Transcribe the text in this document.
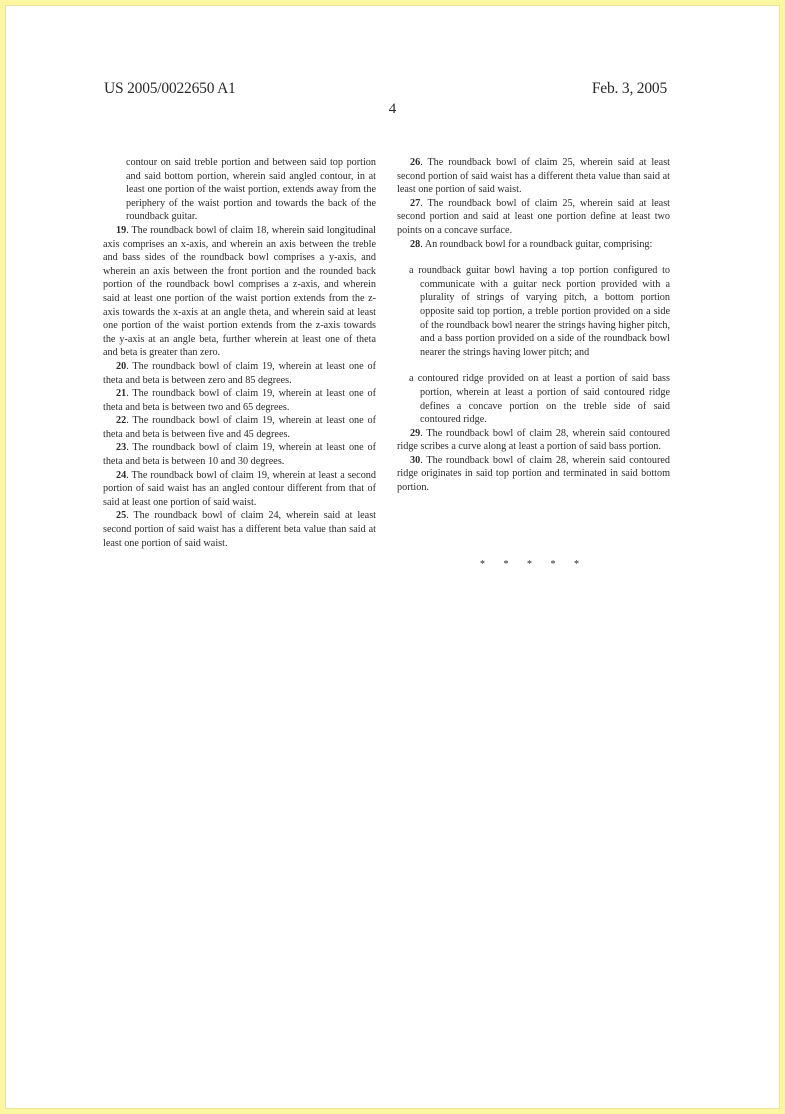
US 2005/0022650 A1	Feb. 3, 2005
4

contour on said treble portion and between said top portion and said bottom portion, wherein said angled contour, in at least one portion of the waist portion, extends away from the periphery of the waist portion and towards the back of the roundback guitar.

19. The roundback bowl of claim 18, wherein said longitudinal axis comprises an x-axis, and wherein an axis between the treble and bass sides of the roundback bowl comprises a y-axis, and wherein an axis between the front portion and the rounded back portion of the roundback bowl comprises a z-axis, and wherein said at least one portion of the waist portion extends from the z-axis towards the x-axis at an angle theta, and wherein said at least one portion of the waist portion extends from the z-axis towards the y-axis at an angle beta, further wherein at least one of theta and beta is greater than zero.

20. The roundback bowl of claim 19, wherein at least one of theta and beta is between zero and 85 degrees.

21. The roundback bowl of claim 19, wherein at least one of theta and beta is between two and 65 degrees.

22. The roundback bowl of claim 19, wherein at least one of theta and beta is between five and 45 degrees.

23. The roundback bowl of claim 19, wherein at least one of theta and beta is between 10 and 30 degrees.

24. The roundback bowl of claim 19, wherein at least a second portion of said waist has an angled contour different from that of said at least one portion of said waist.

25. The roundback bowl of claim 24, wherein said at least second portion of said waist has a different beta value than said at least one portion of said waist.

26. The roundback bowl of claim 25, wherein said at least second portion of said waist has a different theta value than said at least one portion of said waist.

27. The roundback bowl of claim 25, wherein said at least second portion and said at least one portion define at least two points on a concave surface.

28. An roundback bowl for a roundback guitar, comprising:

a roundback guitar bowl having a top portion configured to communicate with a guitar neck portion provided with a plurality of strings of varying pitch, a bottom portion opposite said top portion, a treble portion provided on a side of the roundback bowl nearer the strings having higher pitch, and a bass portion provided on a side of the roundback bowl nearer the strings having lower pitch; and

a contoured ridge provided on at least a portion of said bass portion, wherein at least a portion of said contoured ridge defines a concave portion on the treble side of said contoured ridge.

29. The roundback bowl of claim 28, wherein said contoured ridge scribes a curve along at least a portion of said bass portion.

30. The roundback bowl of claim 28, wherein said contoured ridge originates in said top portion and terminated in said bottom portion.

* * * * *
